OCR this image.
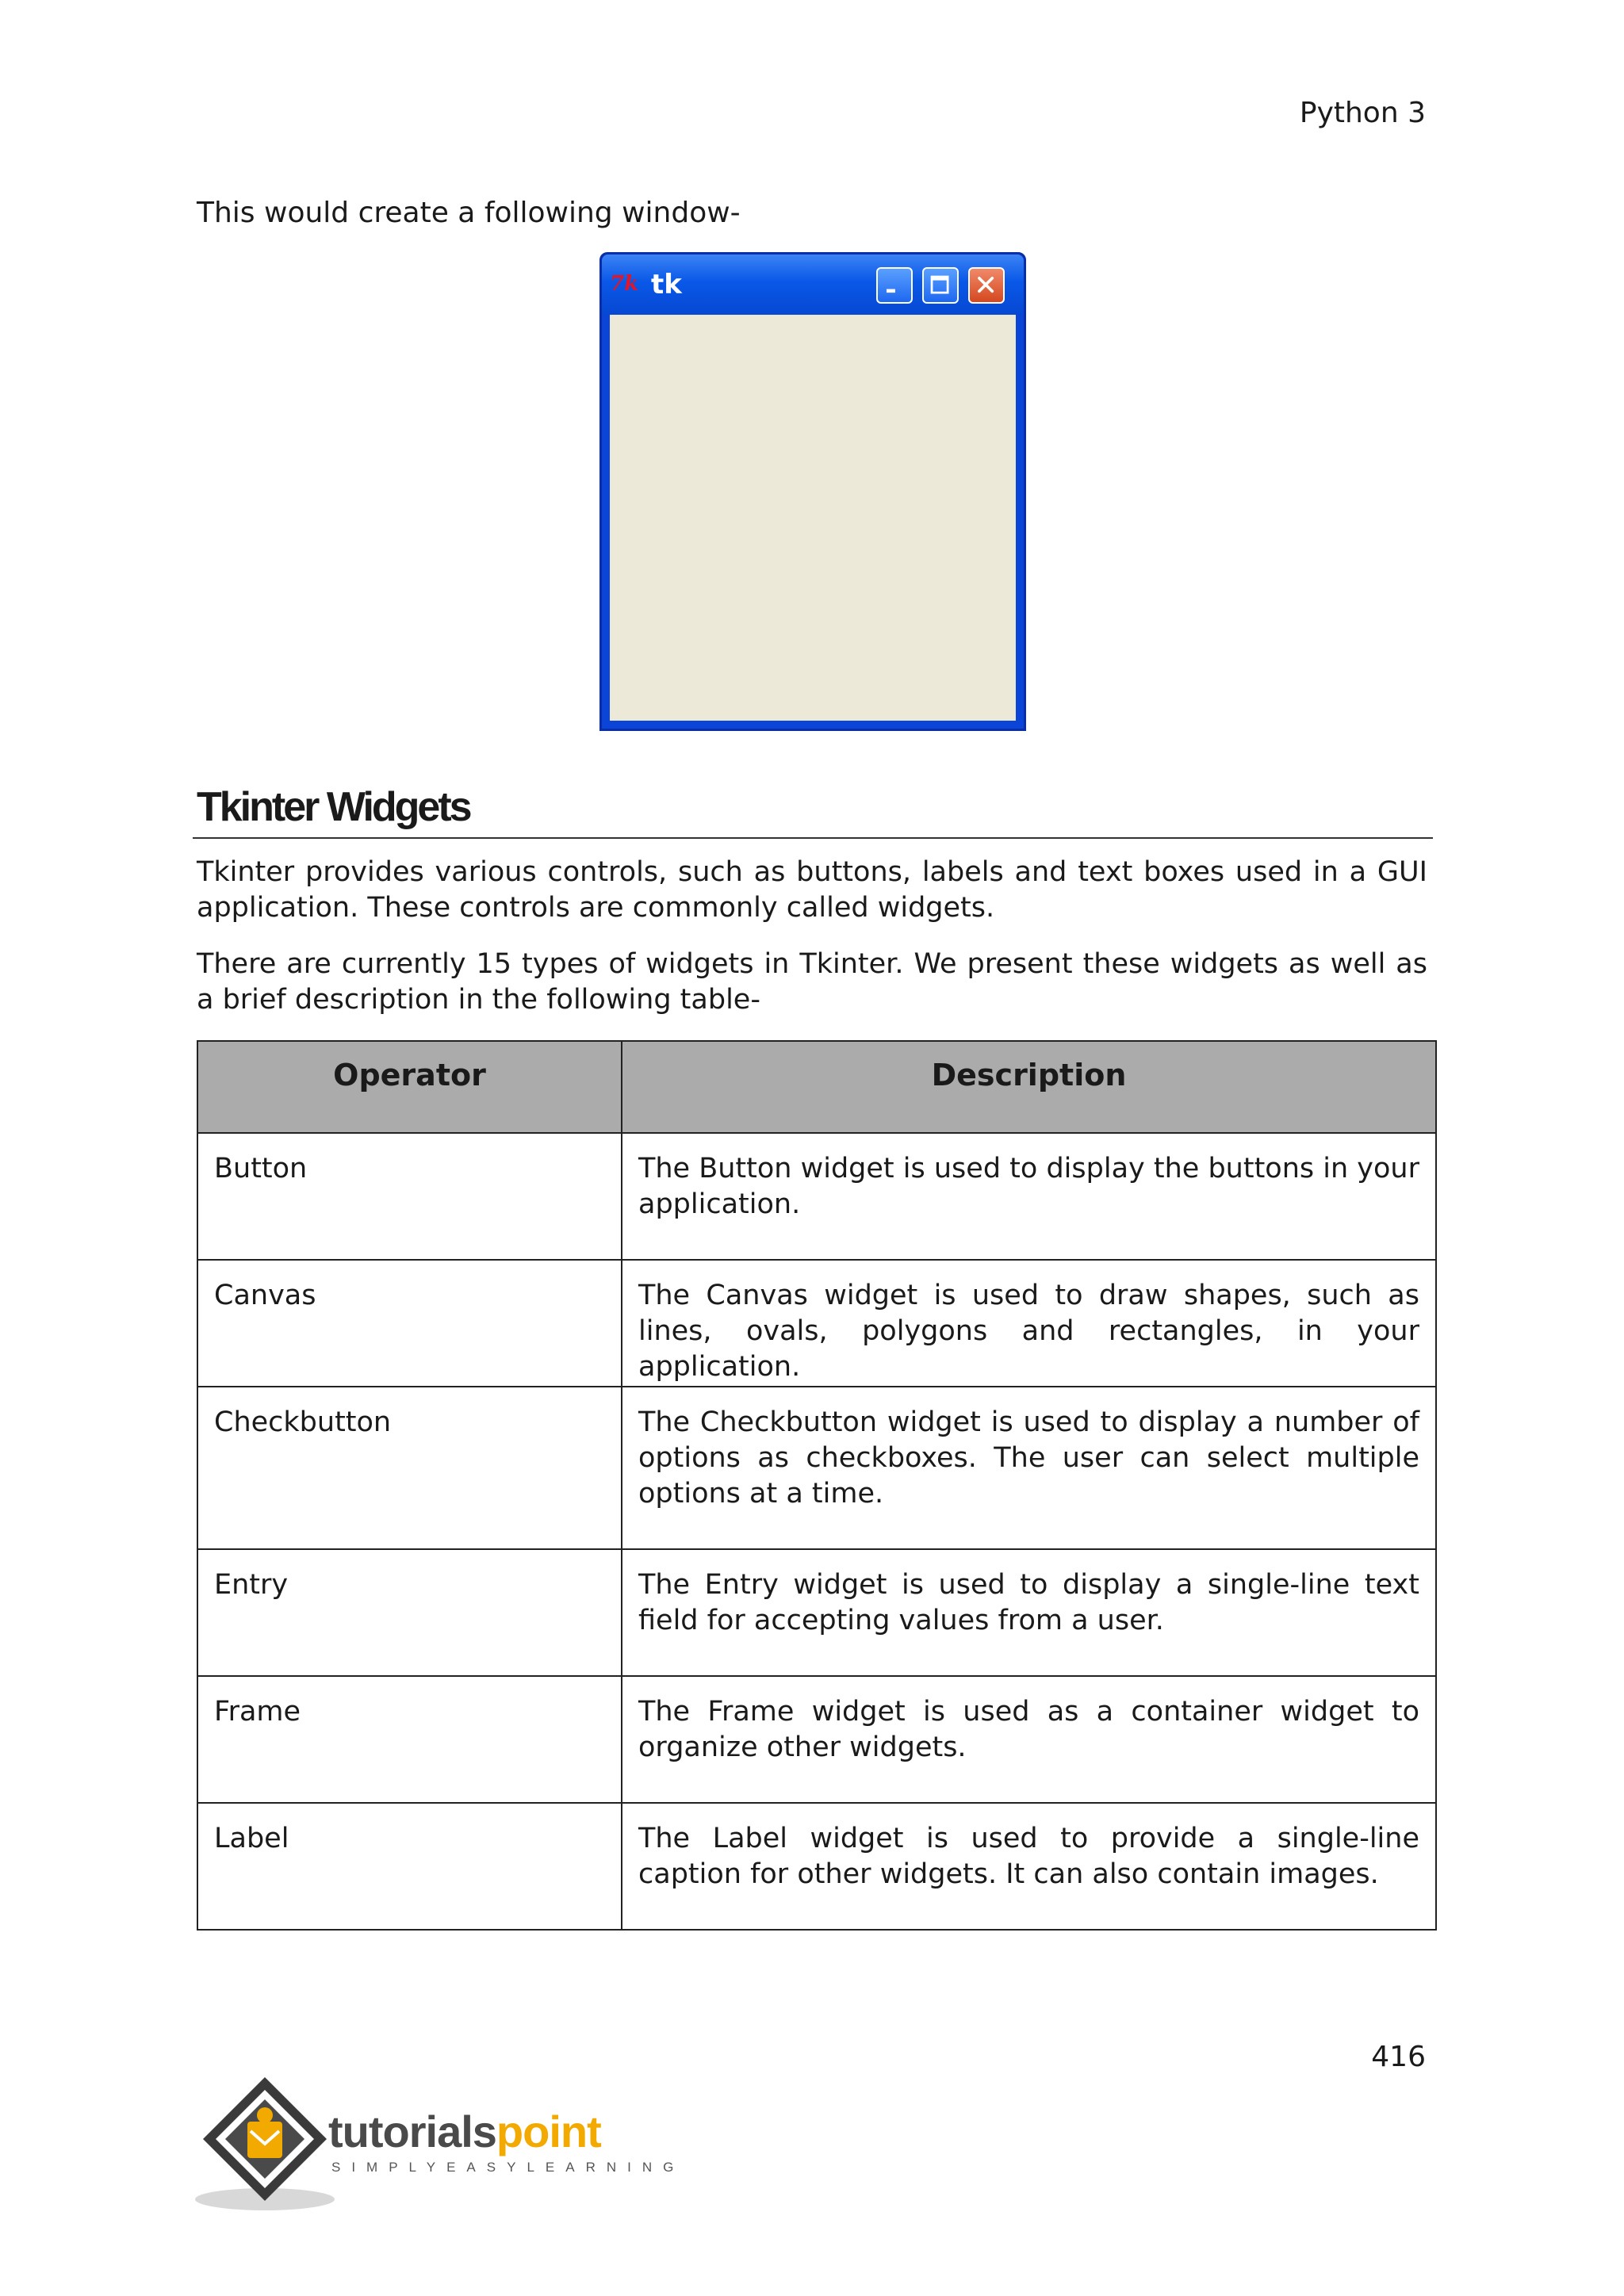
Python 3
This would create a following window-
7k tk
Tkinter Widgets
Tkinter provides various controls, such as buttons, labels and text boxes used in a GUI application. These controls are commonly called widgets.
There are currently 15 types of widgets in Tkinter. We present these widgets as well as a brief description in the following table-
Operator	Description
Button	The Button widget is used to display the buttons in your application.
Canvas	The Canvas widget is used to draw shapes, such as lines, ovals, polygons and rectangles, in your application.
Checkbutton	The Checkbutton widget is used to display a number of options as checkboxes. The user can select multiple options at a time.
Entry	The Entry widget is used to display a single-line text field for accepting values from a user.
Frame	The Frame widget is used as a container widget to organize other widgets.
Label	The Label widget is used to provide a single-line caption for other widgets. It can also contain images.
416
tutorialspoint
SIMPLYEASYLEARNING
